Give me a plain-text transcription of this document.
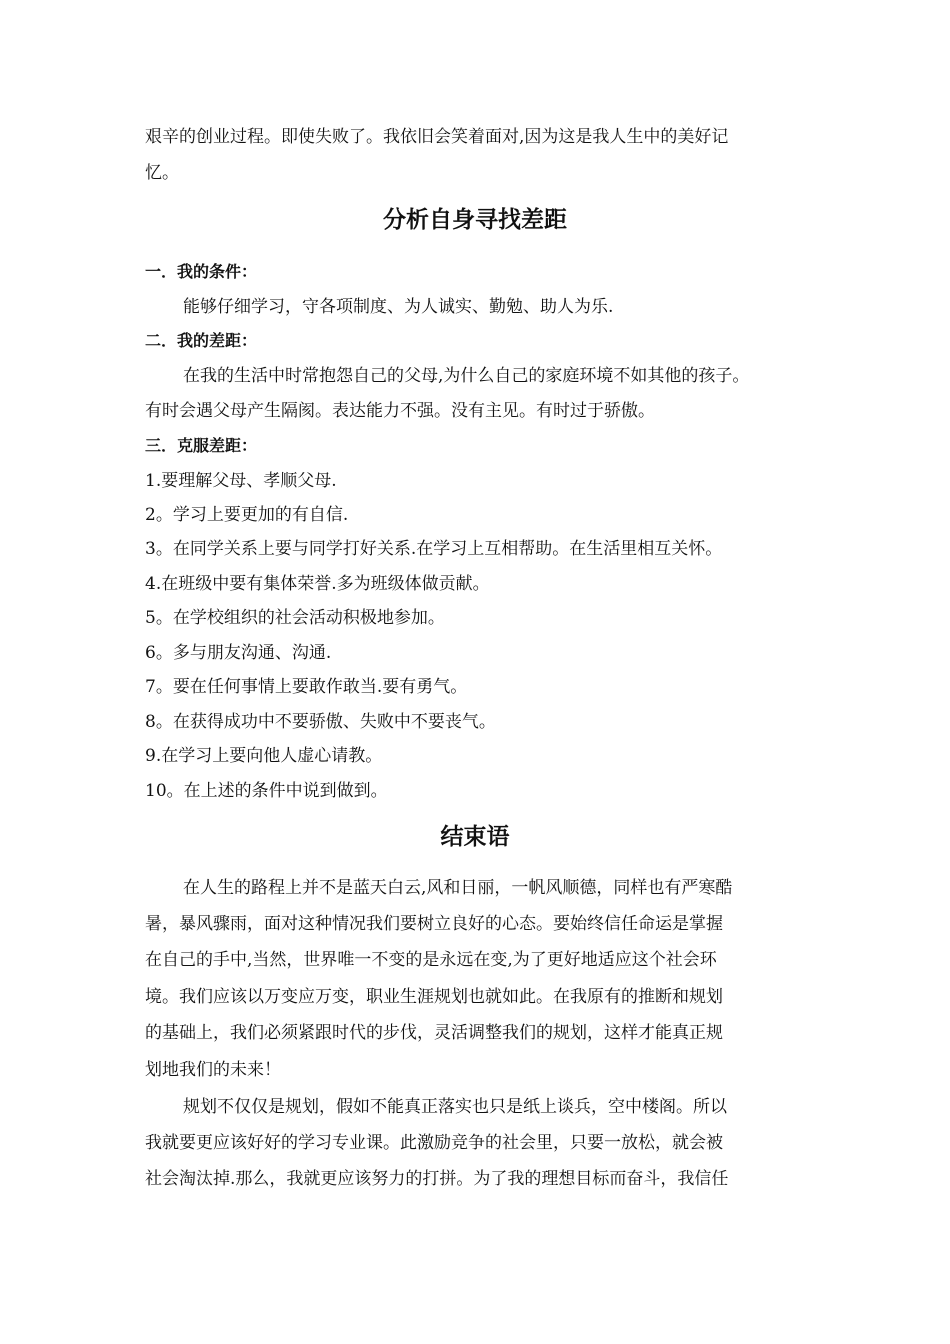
艰辛的创业过程。即使失败了。我依旧会笑着面对,因为这是我人生中的美好记
忆。
分析自身寻找差距
一．我的条件：
能够仔细学习，守各项制度、为人诚实、勤勉、助人为乐.
二．我的差距：
在我的生活中时常抱怨自己的父母,为什么自己的家庭环境不如其他的孩子。
有时会遇父母产生隔阂。表达能力不强。没有主见。有时过于骄傲。
三．克服差距：
1.要理解父母、孝顺父母.
2。学习上要更加的有自信.
3。在同学关系上要与同学打好关系.在学习上互相帮助。在生活里相互关怀。
4.在班级中要有集体荣誉.多为班级体做贡献。
5。在学校组织的社会活动积极地参加。
6。多与朋友沟通、沟通.
7。要在任何事情上要敢作敢当.要有勇气。
8。在获得成功中不要骄傲、失败中不要丧气。
9.在学习上要向他人虚心请教。
10。在上述的条件中说到做到。
结束语
在人生的路程上并不是蓝天白云,风和日丽，一帆风顺德，同样也有严寒酷
暑，暴风骤雨，面对这种情况我们要树立良好的心态。要始终信任命运是掌握
在自己的手中,当然，世界唯一不变的是永远在变,为了更好地适应这个社会环
境。我们应该以万变应万变，职业生涯规划也就如此。在我原有的推断和规划
的基础上，我们必须紧跟时代的步伐，灵活调整我们的规划，这样才能真正规
划地我们的未来！
规划不仅仅是规划，假如不能真正落实也只是纸上谈兵，空中楼阁。所以
我就要更应该好好的学习专业课。此激励竞争的社会里，只要一放松，就会被
社会淘汰掉.那么，我就更应该努力的打拼。为了我的理想目标而奋斗，我信任
